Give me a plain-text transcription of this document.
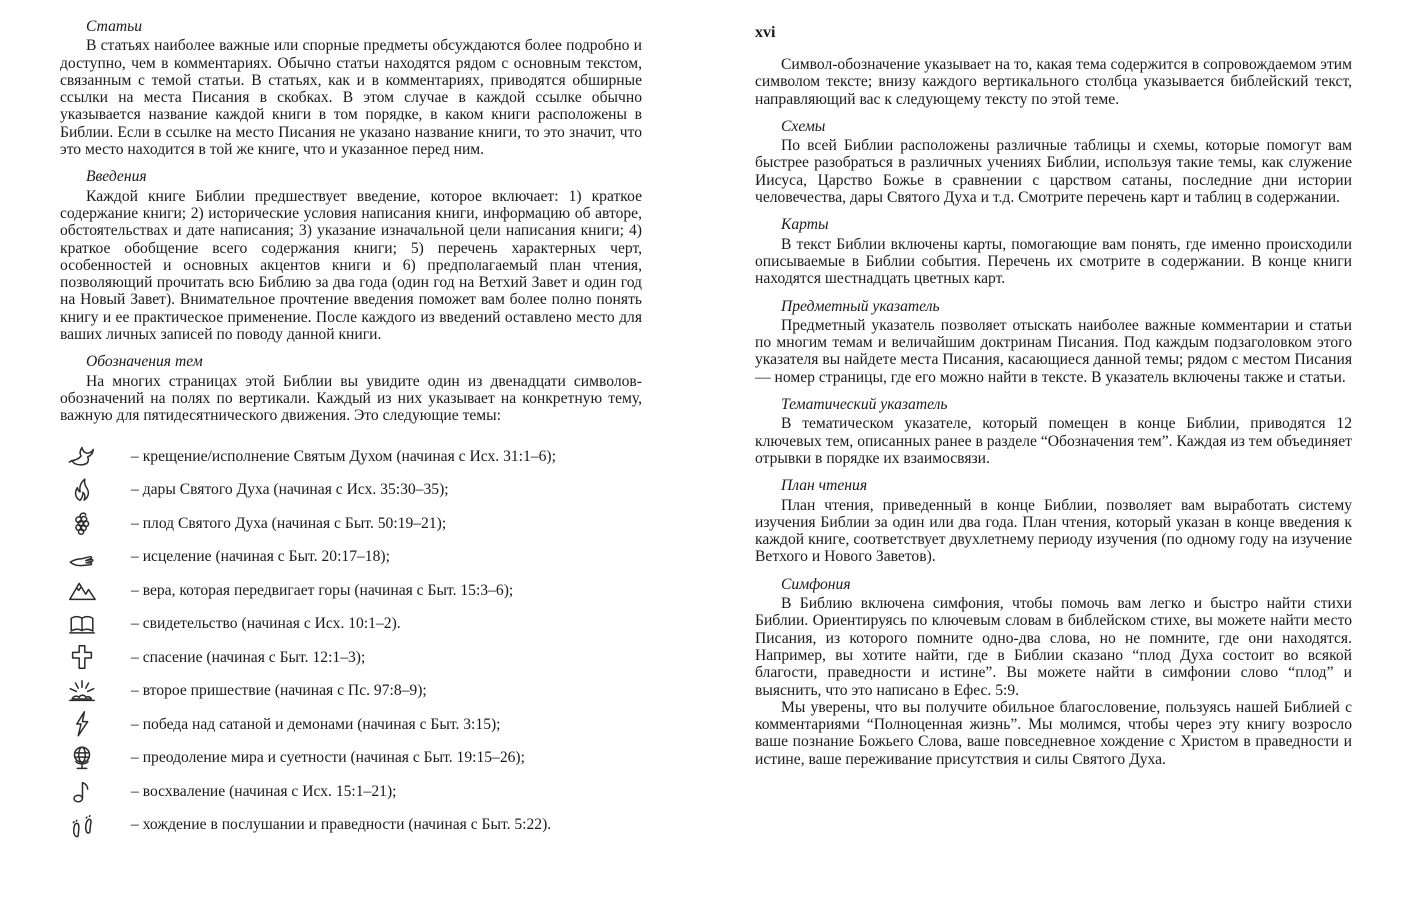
Статьи

В статьях наиболее важные или спорные предметы обсуждаются более подробно и доступно, чем в комментариях. Обычно статьи находятся рядом с основным текстом, связанным с темой статьи. В статьях, как и в комментариях, приводятся обширные ссылки на места Писания в скобках. В этом случае в каждой ссылке обычно указывается название каждой книги в том порядке, в каком книги расположены в Библии. Если в ссылке на место Писания не указано название книги, то это значит, что это место находится в той же книге, что и указанное перед ним.

Введения

Каждой книге Библии предшествует введение, которое включает: 1) краткое содержание книги; 2) исторические условия написания книги, информацию об авторе, обстоятельствах и дате написания; 3) указание изначальной цели написания книги; 4) краткое обобщение всего содержания книги; 5) перечень характерных черт, особенностей и основных акцентов книги и 6) предполагаемый план чтения, позволяющий прочитать всю Библию за два года (один год на Ветхий Завет и один год на Новый Завет). Внимательное прочтение введения поможет вам более полно понять книгу и ее практическое применение. После каждого из введений оставлено место для ваших личных записей по поводу данной книги.

Обозначения тем

На многих страницах этой Библии вы увидите один из двенадцати символов-обозначений на полях по вертикали. Каждый из них указывает на конкретную тему, важную для пятидесятнического движения. Это следующие темы:

– крещение/исполнение Святым Духом (начиная с Исх. 31:1–6);
– дары Святого Духа (начиная с Исх. 35:30–35);
– плод Святого Духа (начиная с Быт. 50:19–21);
– исцеление (начиная с Быт. 20:17–18);
– вера, которая передвигает горы (начиная с Быт. 15:3–6);
– свидетельство (начиная с Исх. 10:1–2).
– спасение (начиная с Быт. 12:1–3);
– второе пришествие (начиная с Пс. 97:8–9);
– победа над сатаной и демонами (начиная с Быт. 3:15);
– преодоление мира и суетности (начиная с Быт. 19:15–26);
– восхваление (начиная с Исх. 15:1–21);
– хождение в послушании и праведности (начиная с Быт. 5:22).
xvi

Символ-обозначение указывает на то, какая тема содержится в сопровождаемом этим символом тексте; внизу каждого вертикального столбца указывается библейский текст, направляющий вас к следующему тексту по этой теме.

Схемы

По всей Библии расположены различные таблицы и схемы, которые помогут вам быстрее разобраться в различных учениях Библии, используя такие темы, как служение Иисуса, Царство Божье в сравнении с царством сатаны, последние дни истории человечества, дары Святого Духа и т.д. Смотрите перечень карт и таблиц в содержании.

Карты

В текст Библии включены карты, помогающие вам понять, где именно происходили описываемые в Библии события. Перечень их смотрите в содержании. В конце книги находятся шестнадцать цветных карт.

Предметный указатель

Предметный указатель позволяет отыскать наиболее важные комментарии и статьи по многим темам и величайшим доктринам Писания. Под каждым подзаголовком этого указателя вы найдете места Писания, касающиеся данной темы; рядом с местом Писания — номер страницы, где его можно найти в тексте. В указатель включены также и статьи.

Тематический указатель

В тематическом указателе, который помещен в конце Библии, приводятся 12 ключевых тем, описанных ранее в разделе “Обозначения тем”. Каждая из тем объединяет отрывки в порядке их взаимосвязи.

План чтения

План чтения, приведенный в конце Библии, позволяет вам выработать систему изучения Библии за один или два года. План чтения, который указан в конце введения к каждой книге, соответствует двухлетнему периоду изучения (по одному году на изучение Ветхого и Нового Заветов).

Симфония

В Библию включена симфония, чтобы помочь вам легко и быстро найти стихи Библии. Ориентируясь по ключевым словам в библейском стихе, вы можете найти место Писания, из которого помните одно-два слова, но не помните, где они находятся. Например, вы хотите найти, где в Библии сказано “плод Духа состоит во всякой благости, праведности и истине”. Вы можете найти в симфонии слово “плод” и выяснить, что это написано в Ефес. 5:9.

Мы уверены, что вы получите обильное благословение, пользуясь нашей Библией с комментариями “Полноценная жизнь”. Мы молимся, чтобы через эту книгу возросло ваше познание Божьего Слова, ваше повседневное хождение с Христом в праведности и истине, ваше переживание присутствия и силы Святого Духа.
